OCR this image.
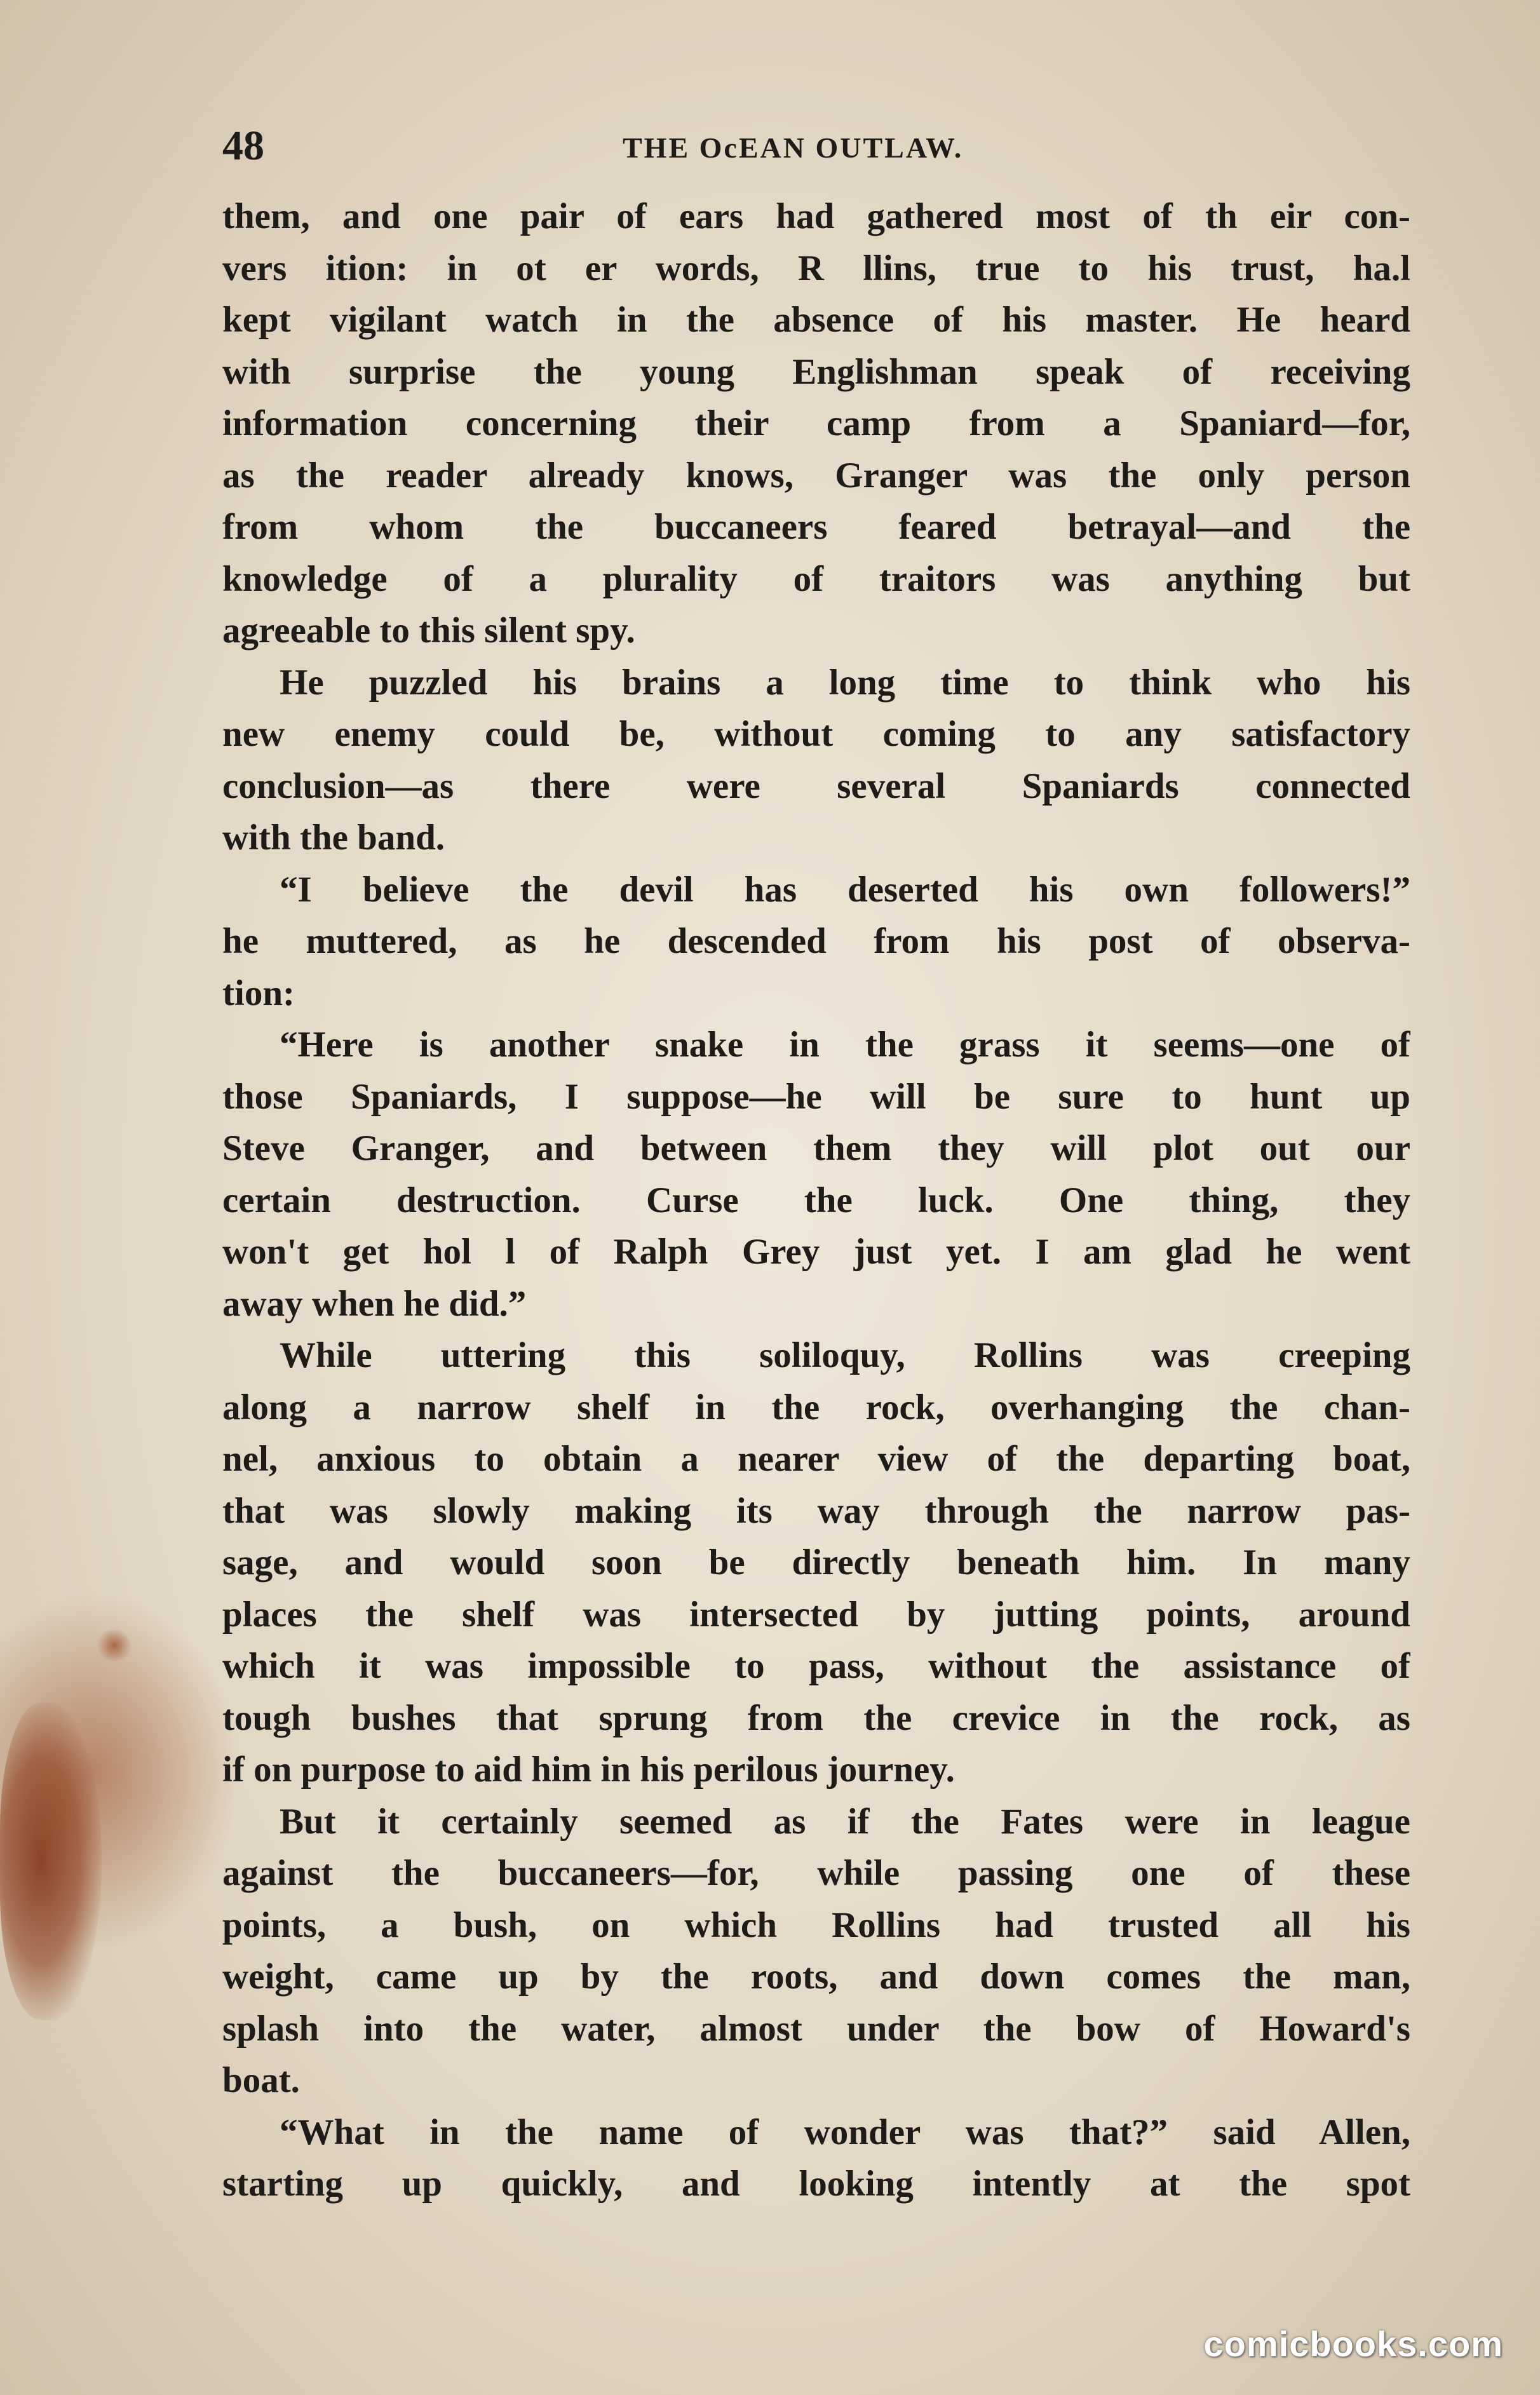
48	THE OcEAN OUTLAW.
them, and one pair of ears had gathered most of th eir con-
vers ition: in ot er words, R llins, true to his trust, ha.l
kept vigilant watch in the absence of his master. He heard
with surprise the young Englishman speak of receiving
information concerning their camp from a Spaniard—for,
as the reader already knows, Granger was the only person
from whom the buccaneers feared betrayal—and the
knowledge of a plurality of traitors was anything but
agreeable to this silent spy.
He puzzled his brains a long time to think who his
new enemy could be, without coming to any satisfactory
conclusion—as there were several Spaniards connected
with the band.
“I believe the devil has deserted his own followers!”
he muttered, as he descended from his post of observa-
tion:
“Here is another snake in the grass it seems—one of
those Spaniards, I suppose—he will be sure to hunt up
Steve Granger, and between them they will plot out our
certain destruction. Curse the luck. One thing, they
won't get hol l of Ralph Grey just yet. I am glad he went
away when he did.”
While uttering this soliloquy, Rollins was creeping
along a narrow shelf in the rock, overhanging the chan-
nel, anxious to obtain a nearer view of the departing boat,
that was slowly making its way through the narrow pas-
sage, and would soon be directly beneath him. In many
places the shelf was intersected by jutting points, around
which it was impossible to pass, without the assistance of
tough bushes that sprung from the crevice in the rock, as
if on purpose to aid him in his perilous journey.
But it certainly seemed as if the Fates were in league
against the buccaneers—for, while passing one of these
points, a bush, on which Rollins had trusted all his
weight, came up by the roots, and down comes the man,
splash into the water, almost under the bow of Howard's
boat.
“What in the name of wonder was that?” said Allen,
starting up quickly, and looking intently at the spot
comicbooks.com
